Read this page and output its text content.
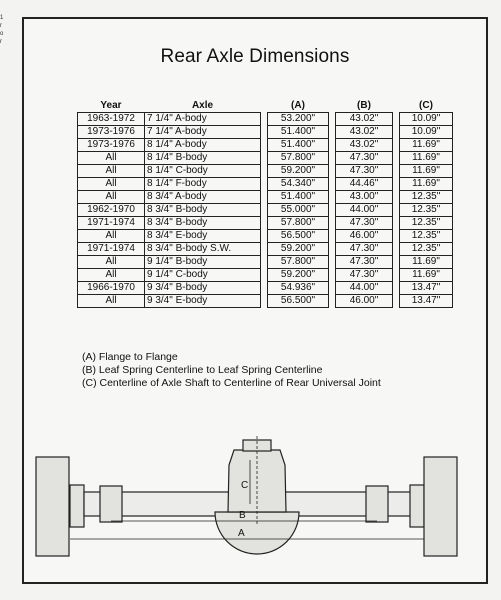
1
r
o
r
Rear Axle Dimensions
Year	Axle		(A)		(B)		(C)
1963-1972	7 1/4" A-body		53.200"		43.02"		10.09"
1973-1976	7 1/4" A-body		51.400"		43.02"		10.09"
1973-1976	8 1/4" A-body		51.400"		43.02"		11.69"
All	8 1/4" B-body		57.800"		47.30"		11.69"
All	8 1/4" C-body		59.200"		47.30"		11.69"
All	8 1/4" F-body		54.340"		44.46"		11.69"
All	8 3/4" A-body		51.400"		43.00"		12.35"
1962-1970	8 3/4" B-body		55.000"		44.00"		12.35"
1971-1974	8 3/4" B-body		57.800"		47.30"		12.35"
All	8 3/4" E-body		56.500"		46.00"		12.35"
1971-1974	8 3/4" B-body S.W.		59.200"		47.30"		12.35"
All	9 1/4" B-body		57.800"		47.30"		11.69"
All	9 1/4" C-body		59.200"		47.30"		11.69"
1966-1970	9 3/4" B-body		54.936"		44.00"		13.47"
All	9 3/4" E-body		56.500"		46.00"		13.47"
(A) Flange to Flange
(B) Leaf Spring Centerline to Leaf Spring Centerline
(C) Centerline of Axle Shaft to Centerline of Rear Universal Joint
C
B
A
